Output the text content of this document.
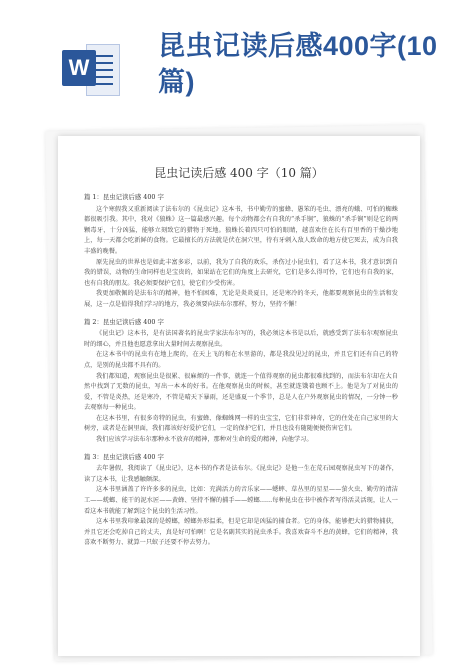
W
昆虫记读后感400字(10篇)
昆虫记读后感 400 字（10 篇）
篇 1：昆虫记读后感 400 字

这个寒假我又重新阅读了法布尔的《昆虫记》这本书，书中勤劳的蜜蜂、愚笨的毛虫、漂亮的蛾、可怕的蜘蛛都很吸引我。其中，我对《狼蛛》这一篇最感兴趣。每个动物都会有自我的“杀手锏”，狼蛛的“杀手锏”则是它的两颗毒牙，十分凶猛，能够立刻致它的猎物于死地。狼蛛长着四只可怕的眼睛，越喜欢住在长有百里香的干燥沙地上，每一天都会吃新鲜的食物。它最擅长的方法就是伏在洞穴里，待有牙刺入敌人致命的地方使它死去，成为自我丰盛的晚餐。

原先昆虫的世界也是如此丰富多彩，以前，我为了自我的欢乐，杀伤过小昆虫们，看了这本书，我才意识到自我的错误，动物的生命同样也是宝贵的，如果站在它们的角度上去研究，它们是多么得可怜，它们也有自我的家，也有自我的朋友。我必须要保护它们，使它们少受伤害。

我更加敬佩的是法布尔的精神，他不怕困难，无论是炎炎夏日，还是寒冷的冬天，他都要观察昆虫的生活和发展，这一点是值得我们学习的地方，我必须要向法布尔那样，努力，坚持不懈！

篇 2：昆虫记读后感 400 字

《昆虫记》这本书，是有法国著名的昆虫学家法布尔写的，我必须这本书是以后，就感受到了法布尔观察昆虫时的细心，并且他也愿意拿出大量时间去观察昆虫。

在这本书中的昆虫有在地上爬的，在天上飞的和在水里游的，都是我没见过的昆虫，并且它们还有自己的特点，是别的昆虫都不具有的。

我们都知道，观察昆虫是很累、很麻烦的一件事，就连一个值得观察的昆虫都很难找到的，而法布尔却在大自然中找到了无数的昆虫，写出一本本的好书。在他观察昆虫的时候，甚至就连饿着也顾不上。他是为了对昆虫的爱，不管是炎热，还是寒冷，不管是晴天下暴雨，还是盛夏一个季节，总是人在户外观察昆虫的情况，一分钟一秒去观察每一种昆虫。

在这本书里，有很多奇特的昆虫，有蜜蜂、像蜘蛛网一样的虫宝宝，它们非常神奇，它的住处在自己家里的大树旁，或者是在洞里面，我们都该好好爱护它们，一定的保护它们，并且也没有随随便便伤害它们。

我们应该学习法布尔那种永不放弃的精神，那种对生命的爱的精神，向他学习。

篇 3：昆虫记读后感 400 字

去年暑假，我阅读了《昆虫记》，这本书的作者是法布尔。《昆虫记》是他一生在荒石园观察昆虫写下的著作，读了这本书，让我感触颇深。

这本书里涵盖了许许多多的昆虫，比如：充满活力的音乐家——蟋蟀、草丛里的星星——萤火虫、勤劳的清洁工——蜣螂、能干的泥水匠——黄蜂、坚持不懈的捕手——螳螂……每种昆虫在书中被作者写得活灵活现，让人一看这本书就能了解到这个昆虫的生活习性。

这本书里我印象最深的是螳螂，螳螂外形温柔，但是它却是凶猛的捕食者。它的身体，能够把大的猎物捕获，并且它还会吃掉自己的丈夫，真是好可怕啊！它是名副其实的昆虫杀手。我喜欢奋斗不息的黄蜂，它们的精神，我喜欢不断努力、就算一只蚁子还要不停去努力。
